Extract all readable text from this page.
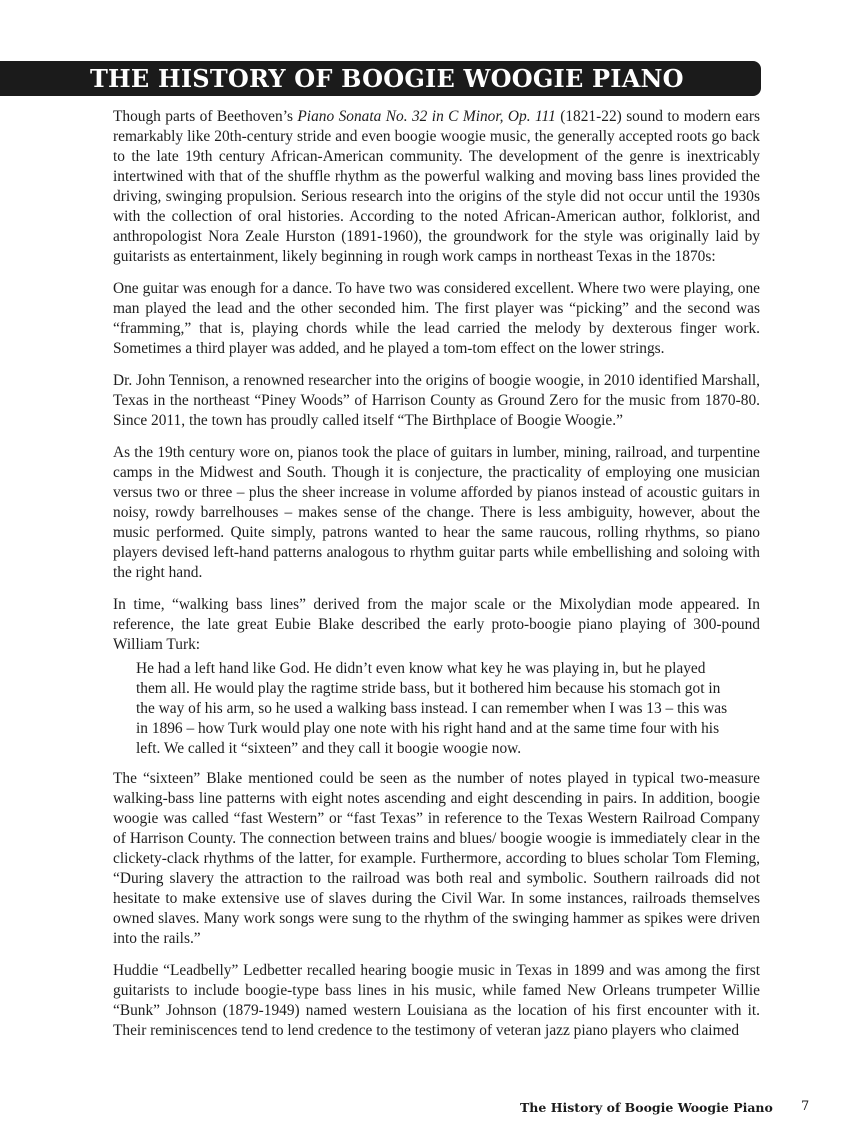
THE HISTORY OF BOOGIE WOOGIE PIANO

Though parts of Beethoven’s Piano Sonata No. 32 in C Minor, Op. 111 (1821-22) sound to modern ears remarkably like 20th-century stride and even boogie woogie music, the generally accepted roots go back to the late 19th century African-American community. The development of the genre is inextricably intertwined with that of the shuffle rhythm as the powerful walking and moving bass lines provided the driving, swinging propulsion. Serious research into the origins of the style did not occur until the 1930s with the collection of oral histories. According to the noted African-American author, folklorist, and anthropologist Nora Zeale Hurston (1891-1960), the groundwork for the style was originally laid by guitarists as entertainment, likely beginning in rough work camps in northeast Texas in the 1870s:

One guitar was enough for a dance. To have two was considered excellent. Where two were playing, one man played the lead and the other seconded him. The first player was “picking” and the second was “framming,” that is, playing chords while the lead carried the melody by dexterous finger work. Sometimes a third player was added, and he played a tom-tom effect on the lower strings.

Dr. John Tennison, a renowned researcher into the origins of boogie woogie, in 2010 identified Marshall, Texas in the northeast “Piney Woods” of Harrison County as Ground Zero for the music from 1870-80. Since 2011, the town has proudly called itself “The Birthplace of Boogie Woogie.”

As the 19th century wore on, pianos took the place of guitars in lumber, mining, railroad, and turpentine camps in the Midwest and South. Though it is conjecture, the practicality of employing one musician versus two or three – plus the sheer increase in volume afforded by pianos instead of acoustic guitars in noisy, rowdy barrelhouses – makes sense of the change. There is less ambiguity, however, about the music performed. Quite simply, patrons wanted to hear the same raucous, rolling rhythms, so piano players devised left-hand patterns analogous to rhythm guitar parts while embellishing and soloing with the right hand.

In time, “walking bass lines” derived from the major scale or the Mixolydian mode appeared. In reference, the late great Eubie Blake described the early proto-boogie piano playing of 300-pound William Turk:

He had a left hand like God. He didn’t even know what key he was playing in, but he played them all. He would play the ragtime stride bass, but it bothered him because his stomach got in the way of his arm, so he used a walking bass instead. I can remember when I was 13 – this was in 1896 – how Turk would play one note with his right hand and at the same time four with his left. We called it “sixteen” and they call it boogie woogie now.

The “sixteen” Blake mentioned could be seen as the number of notes played in typical two-measure walking-bass line patterns with eight notes ascending and eight descending in pairs. In addition, boogie woogie was called “fast Western” or “fast Texas” in reference to the Texas Western Railroad Company of Harrison County. The connection between trains and blues/ boogie woogie is immediately clear in the clickety-clack rhythms of the latter, for example. Furthermore, according to blues scholar Tom Fleming, “During slavery the attraction to the railroad was both real and symbolic. Southern railroads did not hesitate to make extensive use of slaves during the Civil War. In some instances, railroads themselves owned slaves. Many work songs were sung to the rhythm of the swinging hammer as spikes were driven into the rails.”

Huddie “Leadbelly” Ledbetter recalled hearing boogie music in Texas in 1899 and was among the first guitarists to include boogie-type bass lines in his music, while famed New Orleans trumpeter Willie “Bunk” Johnson (1879-1949) named western Louisiana as the location of his first encounter with it. Their reminiscences tend to lend credence to the testimony of veteran jazz piano players who claimed

The History of Boogie Woogie Piano 7
